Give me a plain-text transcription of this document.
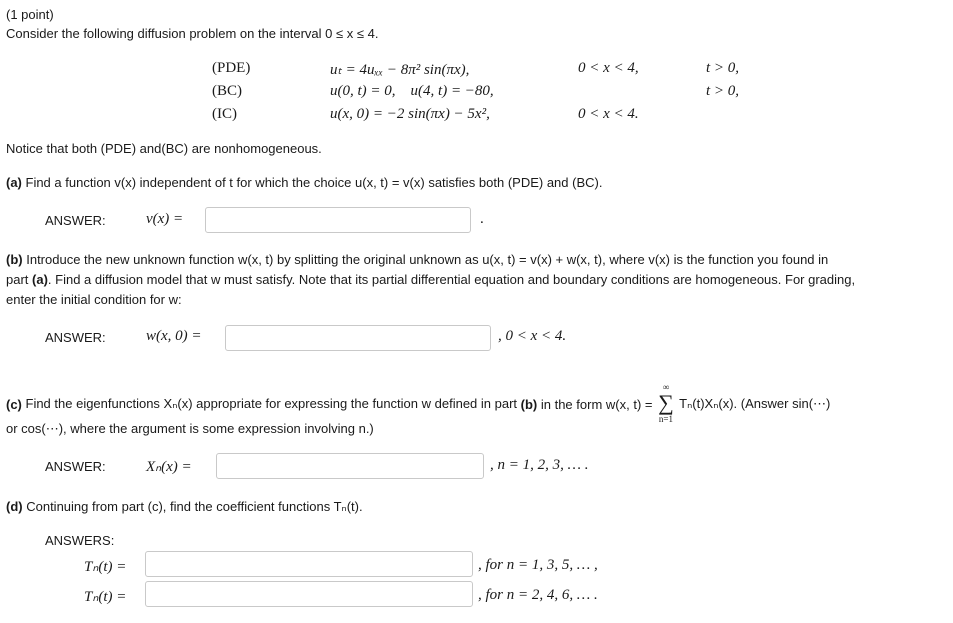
(1 point)
Consider the following diffusion problem on the interval 0 ≤ x ≤ 4.
(PDE)	uₜ = 4uₓₓ − 8π² sin(πx),	0 < x < 4,	t > 0,
(BC)	u(0, t) = 0,    u(4, t) = −80,	t > 0,
(IC)	u(x, 0) = −2 sin(πx) − 5x²,	0 < x < 4.
Notice that both (PDE) and(BC) are nonhomogeneous.
(a) Find a function v(x) independent of t for which the choice u(x, t) = v(x) satisfies both (PDE) and (BC).
ANSWER:	v(x) =	.
(b) Introduce the new unknown function w(x, t) by splitting the original unknown as u(x, t) = v(x) + w(x, t), where v(x) is the function you found in
part (a). Find a diffusion model that w must satisfy. Note that its partial differential equation and boundary conditions are homogeneous. For grading,
enter the initial condition for w:
ANSWER:	w(x, 0) =	, 0 < x < 4.
(c) Find the eigenfunctions Xₙ(x) appropriate for expressing the function w defined in part (b) in the form w(x, t) =
∞
∑
n=1
Tₙ(t)Xₙ(x). (Answer sin(⋯)
or cos(⋯), where the argument is some expression involving n.)
ANSWER:	Xₙ(x) =	, n = 1, 2, 3, … .
(d) Continuing from part (c), find the coefficient functions Tₙ(t).
ANSWERS:
Tₙ(t) =	, for n = 1, 3, 5, … ,
Tₙ(t) =	, for n = 2, 4, 6, … .
